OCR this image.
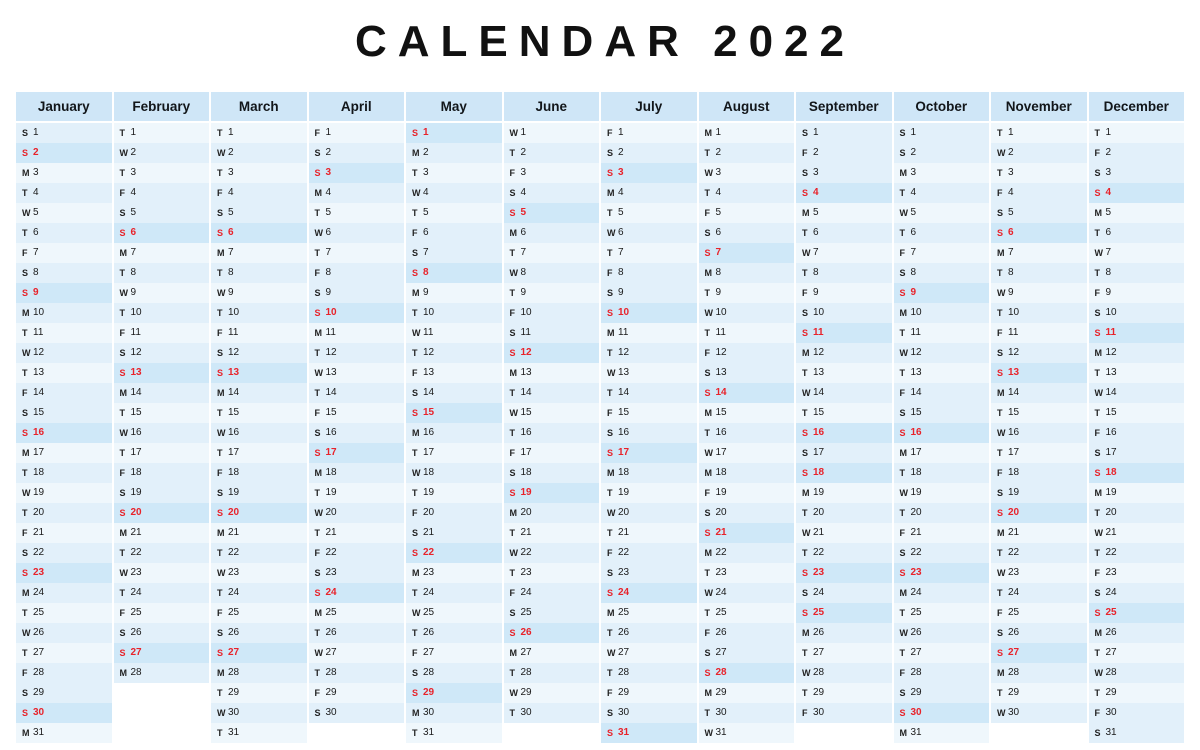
CALENDAR 2022
January
S 1
S 2
M 3
T 4
W 5
T 6
F 7
S 8
S 9
M 10
T 11
W 12
T 13
F 14
S 15
S 16
M 17
T 18
W 19
T 20
F 21
S 22
S 23
M 24
T 25
W 26
T 27
F 28
S 29
S 30
M 31
February
T 1
W 2
T 3
F 4
S 5
S 6
M 7
T 8
W 9
T 10
F 11
S 12
S 13
M 14
T 15
W 16
T 17
F 18
S 19
S 20
M 21
T 22
W 23
T 24
F 25
S 26
S 27
M 28
March
T 1
W 2
T 3
F 4
S 5
S 6
M 7
T 8
W 9
T 10
F 11
S 12
S 13
M 14
T 15
W 16
T 17
F 18
S 19
S 20
M 21
T 22
W 23
T 24
F 25
S 26
S 27
M 28
T 29
W 30
T 31
April
F 1
S 2
S 3
M 4
T 5
W 6
T 7
F 8
S 9
S 10
M 11
T 12
W 13
T 14
F 15
S 16
S 17
M 18
T 19
W 20
T 21
F 22
S 23
S 24
M 25
T 26
W 27
T 28
F 29
S 30
May
S 1
M 2
T 3
W 4
T 5
F 6
S 7
S 8
M 9
T 10
W 11
T 12
F 13
S 14
S 15
M 16
T 17
W 18
T 19
F 20
S 21
S 22
M 23
T 24
W 25
T 26
F 27
S 28
S 29
M 30
T 31
June
W 1
T 2
F 3
S 4
S 5
M 6
T 7
W 8
T 9
F 10
S 11
S 12
M 13
T 14
W 15
T 16
F 17
S 18
S 19
M 20
T 21
W 22
T 23
F 24
S 25
S 26
M 27
T 28
W 29
T 30
July
F 1
S 2
S 3
M 4
T 5
W 6
T 7
F 8
S 9
S 10
M 11
T 12
W 13
T 14
F 15
S 16
S 17
M 18
T 19
W 20
T 21
F 22
S 23
S 24
M 25
T 26
W 27
T 28
F 29
S 30
S 31
August
M 1
T 2
W 3
T 4
F 5
S 6
S 7
M 8
T 9
W 10
T 11
F 12
S 13
S 14
M 15
T 16
W 17
M 18
F 19
S 20
S 21
M 22
T 23
W 24
T 25
F 26
S 27
S 28
M 29
T 30
W 31
September
S 1
F 2
S 3
S 4
M 5
T 6
W 7
T 8
F 9
S 10
S 11
M 12
T 13
W 14
T 15
S 16
S 17
S 18
M 19
T 20
W 21
T 22
S 23
S 24
S 25
M 26
T 27
W 28
T 29
F 30
October
S 1
S 2
M 3
T 4
W 5
T 6
F 7
S 8
S 9
M 10
T 11
W 12
T 13
F 14
S 15
S 16
M 17
T 18
W 19
T 20
F 21
S 22
S 23
M 24
T 25
W 26
T 27
F 28
S 29
S 30
M 31
November
T 1
W 2
T 3
F 4
S 5
S 6
M 7
T 8
W 9
T 10
F 11
S 12
S 13
M 14
T 15
W 16
T 17
F 18
S 19
S 20
M 21
T 22
W 23
T 24
F 25
S 26
S 27
M 28
T 29
W 30
December
T 1
F 2
S 3
S 4
M 5
T 6
W 7
T 8
F 9
S 10
S 11
M 12
T 13
W 14
T 15
F 16
S 17
S 18
M 19
T 20
W 21
T 22
F 23
S 24
S 25
M 26
T 27
W 28
T 29
F 30
S 31
